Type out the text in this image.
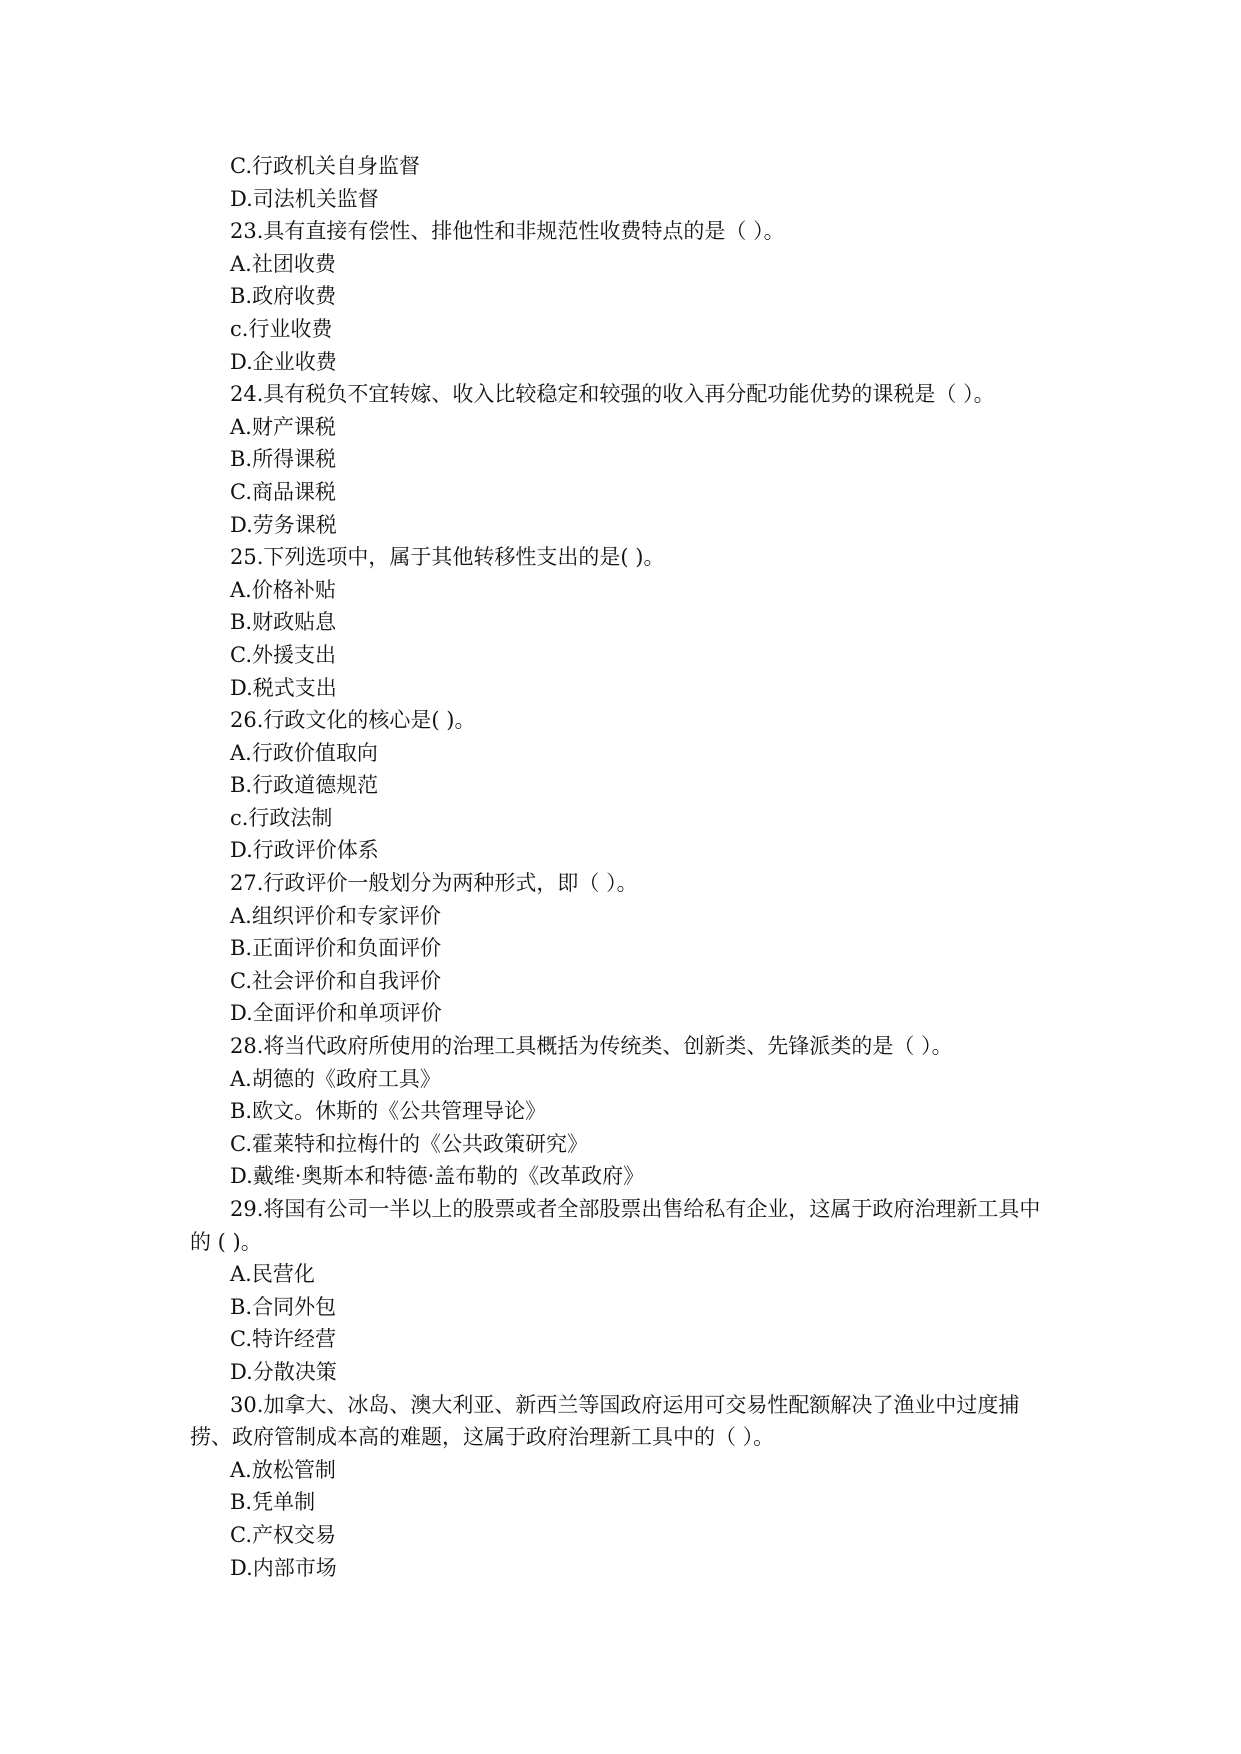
C.行政机关自身监督
D.司法机关监督
23.具有直接有偿性、排他性和非规范性收费特点的是（ ）。
A.社团收费
B.政府收费
c.行业收费
D.企业收费
24.具有税负不宜转嫁、收入比较稳定和较强的收入再分配功能优势的课税是（ ）。
A.财产课税
B.所得课税
C.商品课税
D.劳务课税
25.下列选项中，属于其他转移性支出的是( )。
A.价格补贴
B.财政贴息
C.外援支出
D.税式支出
26.行政文化的核心是( )。
A.行政价值取向
B.行政道德规范
c.行政法制
D.行政评价体系
27.行政评价一般划分为两种形式，即（ ）。
A.组织评价和专家评价
B.正面评价和负面评价
C.社会评价和自我评价
D.全面评价和单项评价
28.将当代政府所使用的治理工具概括为传统类、创新类、先锋派类的是（ ）。
A.胡德的《政府工具》
B.欧文。休斯的《公共管理导论》
C.霍莱特和拉梅什的《公共政策研究》
D.戴维·奥斯本和特德·盖布勒的《改革政府》
29.将国有公司一半以上的股票或者全部股票出售给私有企业，这属于政府治理新工具中的 ( )。
A.民营化
B.合同外包
C.特许经营
D.分散决策
30.加拿大、冰岛、澳大利亚、新西兰等国政府运用可交易性配额解决了渔业中过度捕捞、政府管制成本高的难题，这属于政府治理新工具中的（ ）。
A.放松管制
B.凭单制
C.产权交易
D.内部市场
